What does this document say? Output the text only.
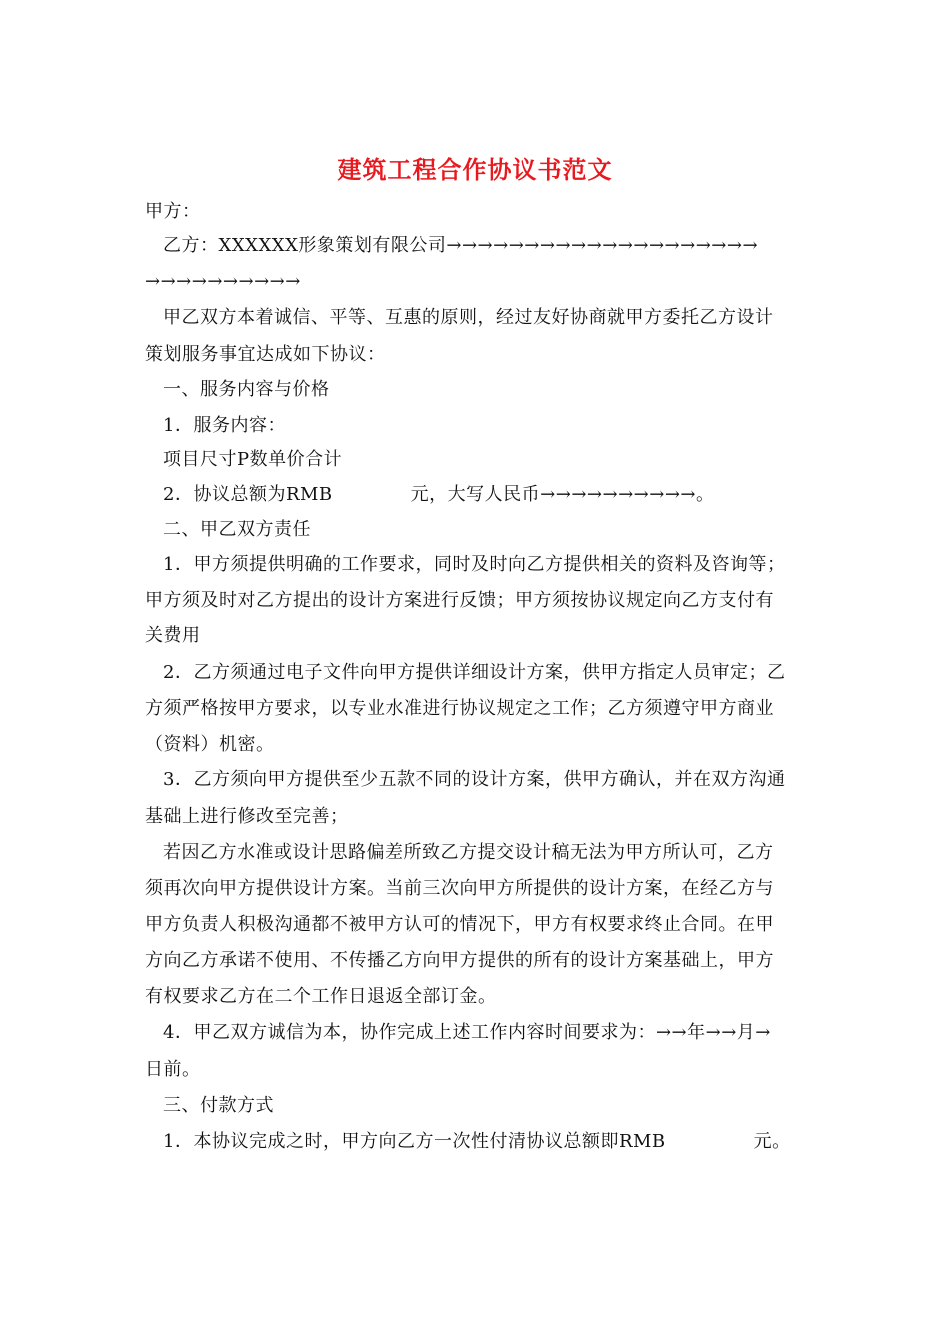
建筑工程合作协议书范文
甲方：
乙方：XXXXXX形象策划有限公司→→→→→→→→→→→→→→→→→→→→
→→→→→→→→→→
甲乙双方本着诚信、平等、互惠的原则，经过友好协商就甲方委托乙方设计
策划服务事宜达成如下协议：
一、服务内容与价格
1．服务内容：
项目尺寸P数单价合计
2．协议总额为RMB	元，大写人民币→→→→→→→→→→。
二、甲乙双方责任
1．甲方须提供明确的工作要求，同时及时向乙方提供相关的资料及咨询等；
甲方须及时对乙方提出的设计方案进行反馈；甲方须按协议规定向乙方支付有
关费用
2．乙方须通过电子文件向甲方提供详细设计方案，供甲方指定人员审定；乙
方须严格按甲方要求，以专业水准进行协议规定之工作；乙方须遵守甲方商业
（资料）机密。
3．乙方须向甲方提供至少五款不同的设计方案，供甲方确认，并在双方沟通
基础上进行修改至完善；
若因乙方水准或设计思路偏差所致乙方提交设计稿无法为甲方所认可，乙方
须再次向甲方提供设计方案。当前三次向甲方所提供的设计方案，在经乙方与
甲方负责人积极沟通都不被甲方认可的情况下，甲方有权要求终止合同。在甲
方向乙方承诺不使用、不传播乙方向甲方提供的所有的设计方案基础上，甲方
有权要求乙方在二个工作日退返全部订金。
4．甲乙双方诚信为本，协作完成上述工作内容时间要求为：→→年→→月→
日前。
三、付款方式
1．本协议完成之时，甲方向乙方一次性付清协议总额即RMB	元。
